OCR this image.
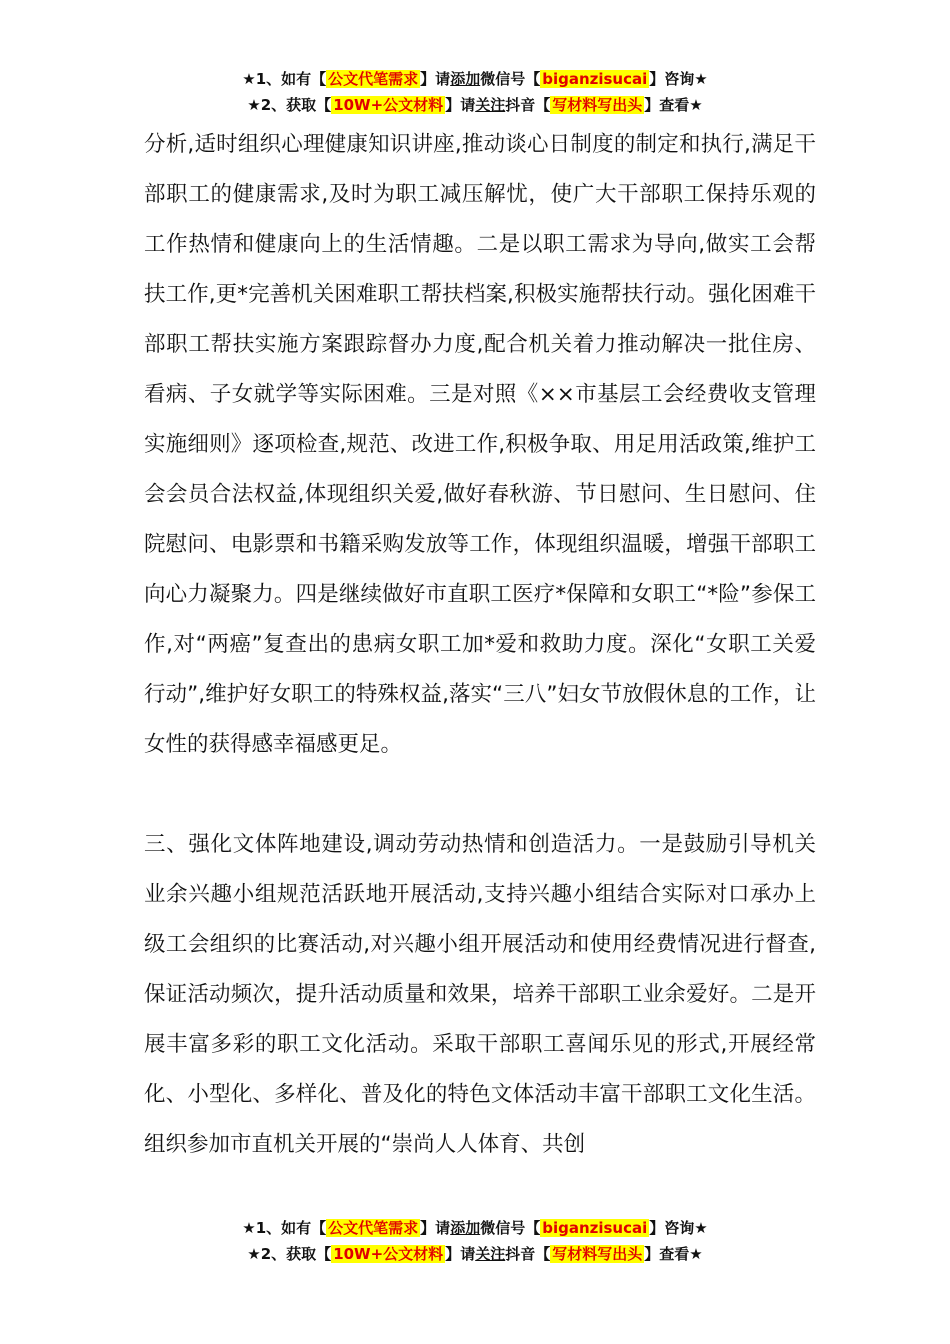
★1、如有【 公文代笔需求 】请添加微信号【 biganzisucai 】咨询★
★2、获取【 10W+公文材料 】请关注抖音【 写材料写出头 】查看★

分析,适时组织心理健康知识讲座,推动谈心日制度的制定和执行,满足干部职工的健康需求,及时为职工减压解忧，使广大干部职工保持乐观的工作热情和健康向上的生活情趣。二是以职工需求为导向,做实工会帮扶工作,更*完善机关困难职工帮扶档案,积极实施帮扶行动。强化困难干部职工帮扶实施方案跟踪督办力度,配合机关着力推动解决一批住房、看病、子女就学等实际困难。三是对照《××市基层工会经费收支管理实施细则》逐项检查,规范、改进工作,积极争取、用足用活政策,维护工会会员合法权益,体现组织关爱,做好春秋游、节日慰问、生日慰问、住院慰问、电影票和书籍采购发放等工作，体现组织温暖，增强干部职工向心力凝聚力。四是继续做好市直职工医疗*保障和女职工“*险”参保工作,对“两癌”复查出的患病女职工加*爱和救助力度。深化“女职工关爱行动”,维护好女职工的特殊权益,落实“三八”妇女节放假休息的工作，让女性的获得感幸福感更足。

三、强化文体阵地建设,调动劳动热情和创造活力。一是鼓励引导机关业余兴趣小组规范活跃地开展活动,支持兴趣小组结合实际对口承办上级工会组织的比赛活动,对兴趣小组开展活动和使用经费情况进行督查,保证活动频次，提升活动质量和效果，培养干部职工业余爱好。二是开展丰富多彩的职工文化活动。采取干部职工喜闻乐见的形式,开展经常化、小型化、多样化、普及化的特色文体活动丰富干部职工文化生活。组织参加市直机关开展的“崇尚人人体育、共创

★1、如有【 公文代笔需求 】请添加微信号【 biganzisucai 】咨询★
★2、获取【 10W+公文材料 】请关注抖音【 写材料写出头 】查看★
